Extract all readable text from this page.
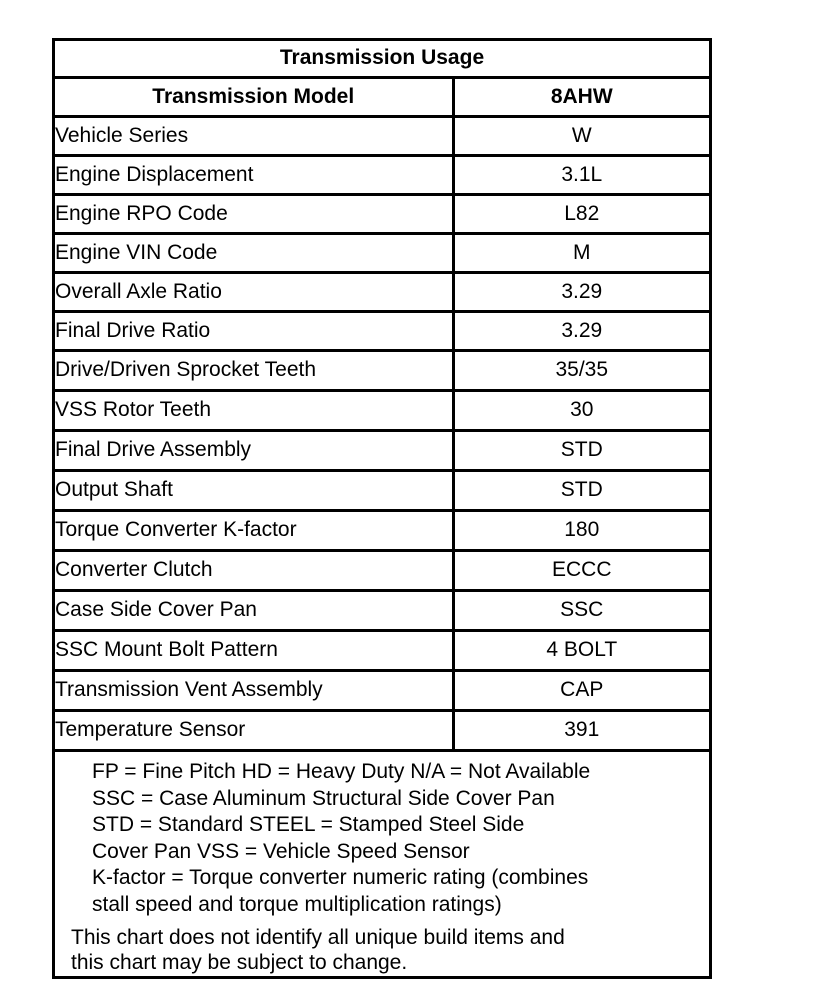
Transmission Usage	
Transmission Model	8AHW
Vehicle Series	W
Engine Displacement	3.1L
Engine RPO Code	L82
Engine VIN Code	M
Overall Axle Ratio	3.29
Final Drive Ratio	3.29
Drive/Driven Sprocket Teeth	35/35
VSS Rotor Teeth	30
Final Drive Assembly	STD
Output Shaft	STD
Torque Converter K-factor	180
Converter Clutch	ECCC
Case Side Cover Pan	SSC
SSC Mount Bolt Pattern	4 BOLT
Transmission Vent Assembly	CAP
Temperature Sensor	391
FP = Fine Pitch HD = Heavy Duty N/A = Not Available
SSC = Case Aluminum Structural Side Cover Pan
STD = Standard STEEL = Stamped Steel Side
Cover Pan VSS = Vehicle Speed Sensor
K-factor = Torque converter numeric rating (combines
stall speed and torque multiplication ratings)
This chart does not identify all unique build items and
this chart may be subject to change.
